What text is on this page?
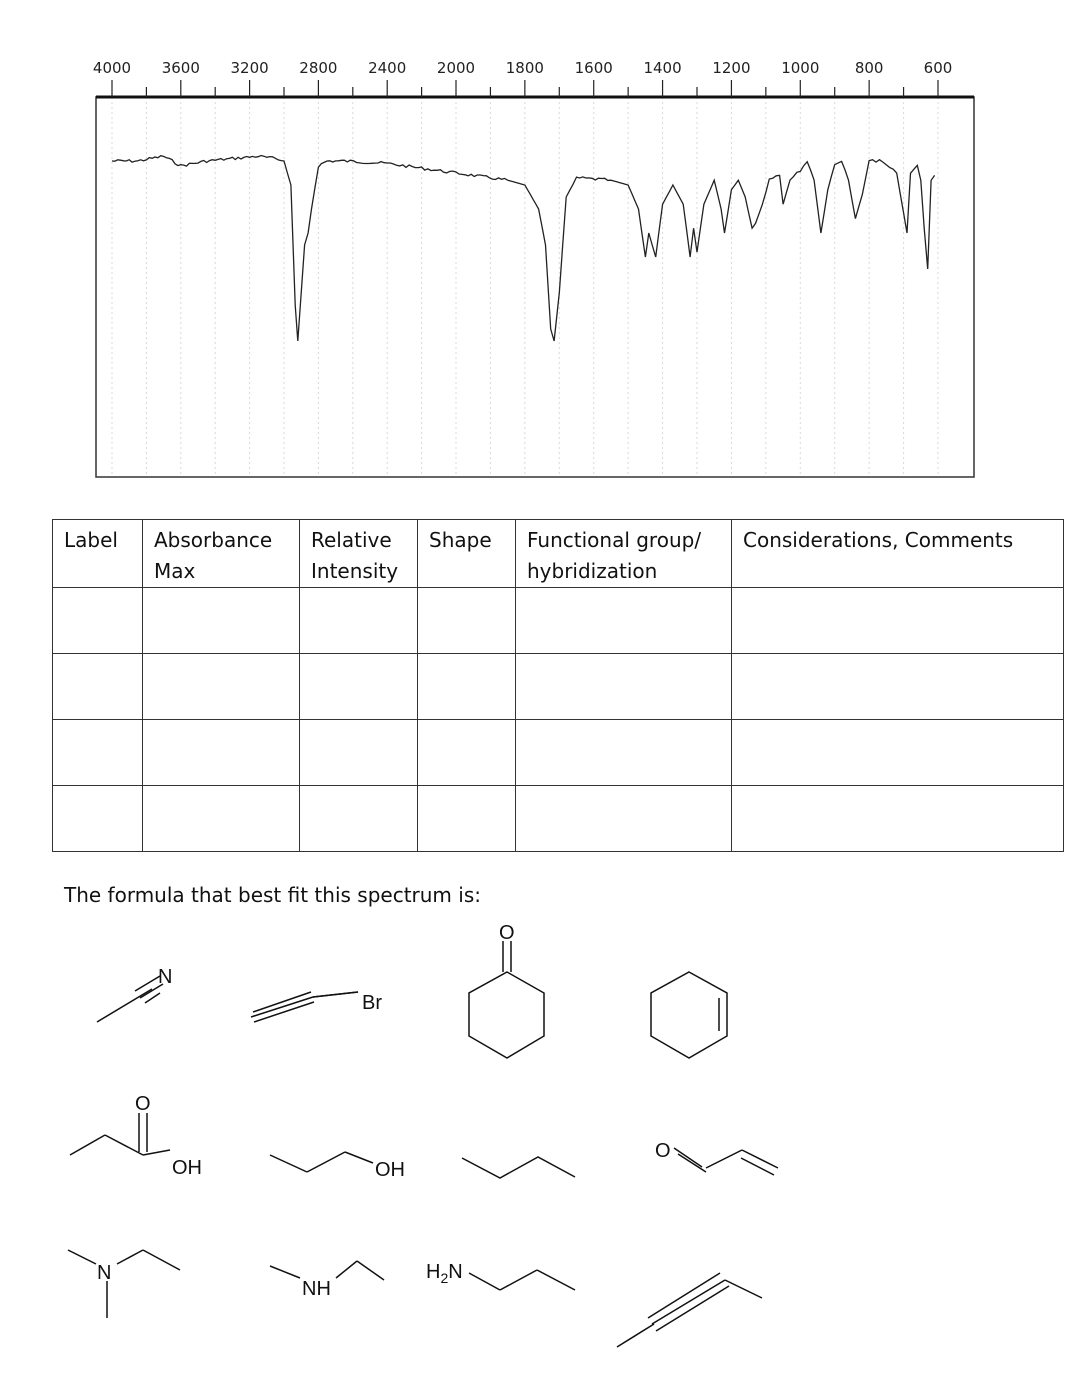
4000 3600 3200 2800 2400 2000 1800 1600 1400 1200 1000 800	600
Label	Absorbance Max	Relative Intensity	Shape	Functional group/ hybridization	Considerations, Comments

The formula that best fit this spectrum is:

N
Br
O
O
OH	OH
O
N
NH
$H_2N$
